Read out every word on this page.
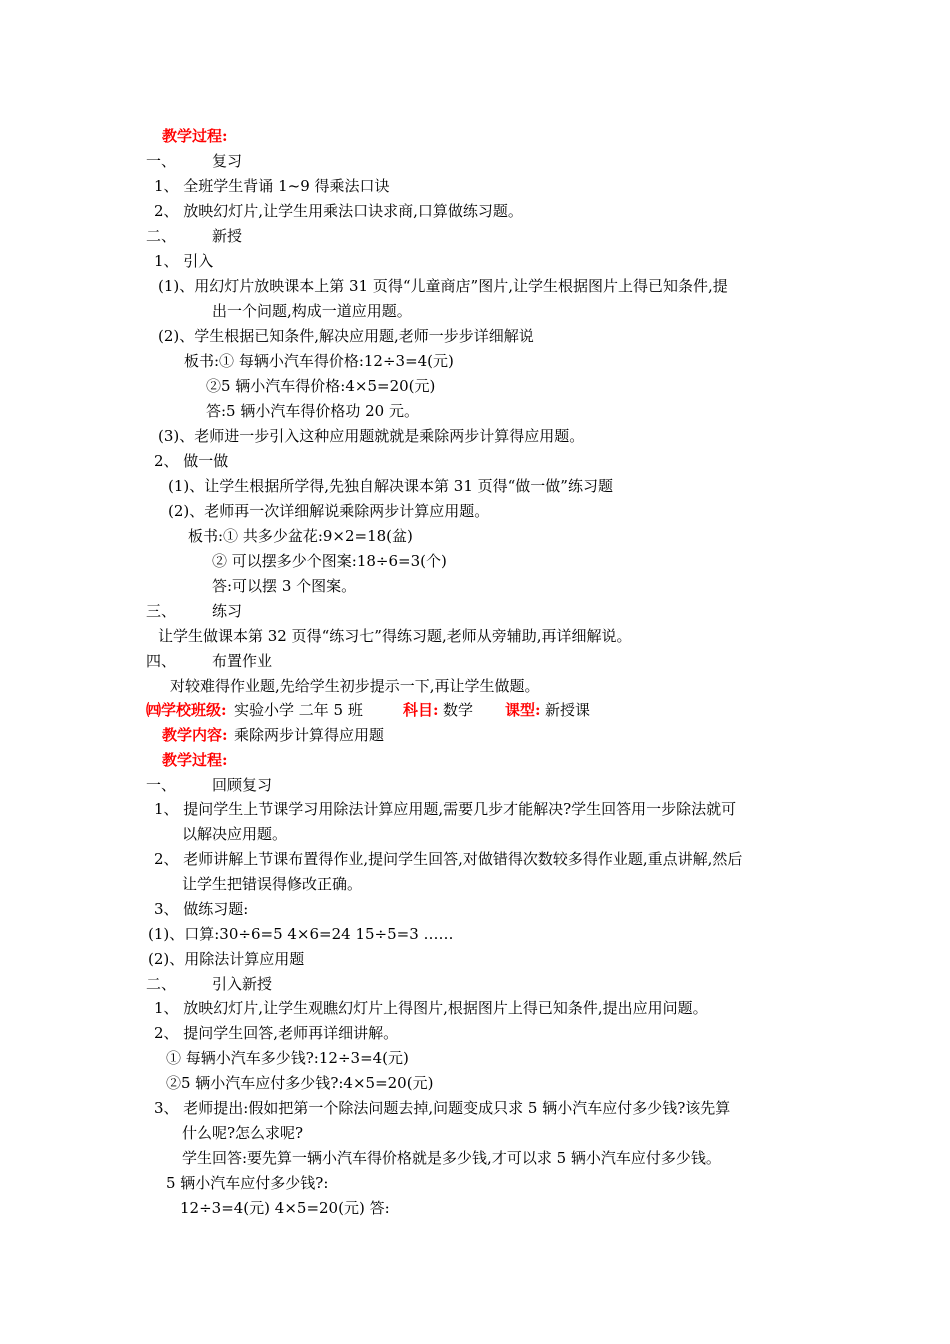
教学过程:
一、 复习
1、 全班学生背诵 1~9 得乘法口诀
2、 放映幻灯片,让学生用乘法口诀求商,口算做练习题。
二、 新授
1、 引入
(1)、用幻灯片放映课本上第 31 页得“儿童商店”图片,让学生根据图片上得已知条件,提
出一个问题,构成一道应用题。
(2)、学生根据已知条件,解决应用题,老师一步步详细解说
板书:① 每辆小汽车得价格:12÷3=4(元)
②5 辆小汽车得价格:4×5=20(元)
答:5 辆小汽车得价格功 20 元。
(3)、老师进一步引入这种应用题就就是乘除两步计算得应用题。
2、 做一做
(1)、让学生根据所学得,先独自解决课本第 31 页得“做一做”练习题
(2)、老师再一次详细解说乘除两步计算应用题。
板书:① 共多少盆花:9×2=18(盆)
② 可以摆多少个图案:18÷6=3(个)
答:可以摆 3 个图案。
三、 练习
让学生做课本第 32 页得“练习七”得练习题,老师从旁辅助,再详细解说。
四、 布置作业
对较难得作业题,先给学生初步提示一下,再让学生做题。
㈣学校班级: 实验小学 二年 5 班	科目: 数学 课型: 新授课
教学内容: 乘除两步计算得应用题
教学过程:
一、 回顾复习
1、 提问学生上节课学习用除法计算应用题,需要几步才能解决?学生回答用一步除法就可
以解决应用题。
2、 老师讲解上节课布置得作业,提问学生回答,对做错得次数较多得作业题,重点讲解,然后
让学生把错误得修改正确。
3、 做练习题:
(1)、口算:30÷6=5 4×6=24 15÷5=3 ……
(2)、用除法计算应用题
二、 引入新授
1、 放映幻灯片,让学生观瞧幻灯片上得图片,根据图片上得已知条件,提出应用问题。
2、 提问学生回答,老师再详细讲解。
① 每辆小汽车多少钱?:12÷3=4(元)
②5 辆小汽车应付多少钱?:4×5=20(元)
3、 老师提出:假如把第一个除法问题去掉,问题变成只求 5 辆小汽车应付多少钱?该先算
什么呢?怎么求呢?
学生回答:要先算一辆小汽车得价格就是多少钱,才可以求 5 辆小汽车应付多少钱。
5 辆小汽车应付多少钱?:
12÷3=4(元) 4×5=20(元) 答:
